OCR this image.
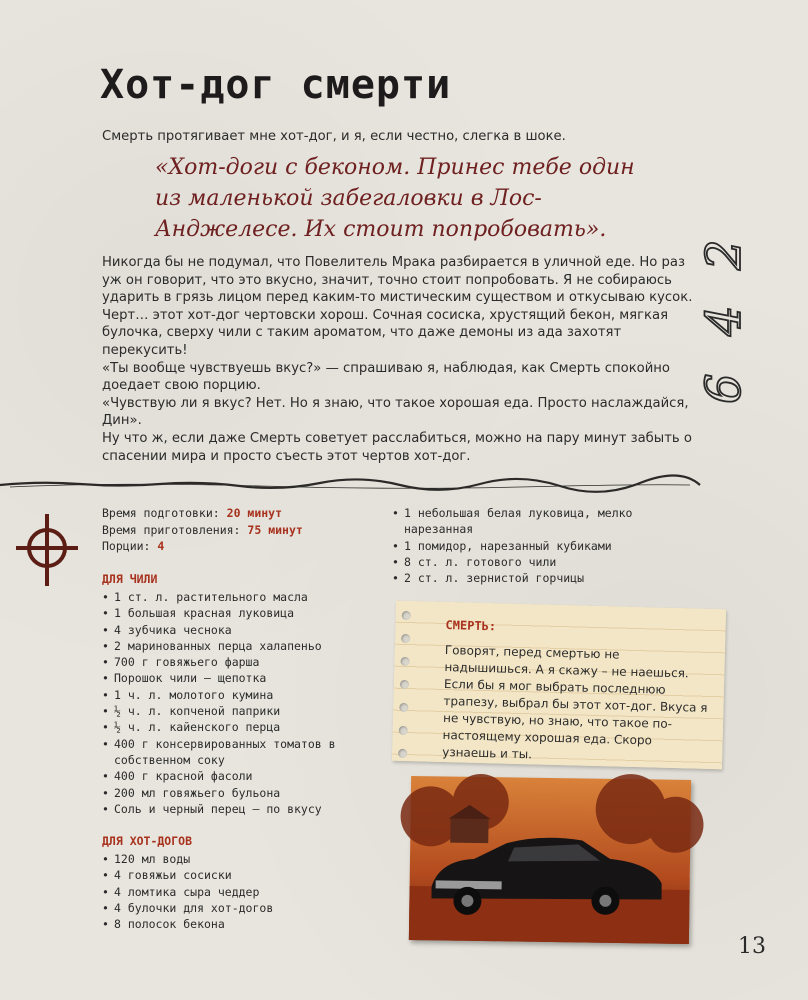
Хот-дог смерти

Смерть протягивает мне хот-дог, и я, если честно, слегка в шоке.

«Хот-доги с беконом. Принес тебе один из маленькой забегаловки в Лос-Анджелесе. Их стоит попробовать».

Никогда бы не подумал, что Повелитель Мрака разбирается в уличной еде. Но раз уж он говорит, что это вкусно, значит, точно стоит попробовать. Я не собираюсь ударить в грязь лицом перед каким-то мистическим существом и откусываю кусок. Черт… этот хот-дог чертовски хорош. Сочная сосиска, хрустящий бекон, мягкая булочка, сверху чили с таким ароматом, что даже демоны из ада захотят перекусить!

«Ты вообще чувствуешь вкус?» — спрашиваю я, наблюдая, как Смерть спокойно доедает свою порцию.

«Чувствую ли я вкус? Нет. Но я знаю, что такое хорошая еда. Просто наслаждайся, Дин».

Ну что ж, если даже Смерть советует расслабиться, можно на пару минут забыть о спасении мира и просто съесть этот чертов хот-дог.

2
4
6
Время подготовки: 20 минут
Время приготовления: 75 минут
Порции: 4
ДЛЯ ЧИЛИ
• 1 ст. л. растительного масла
• 1 большая красная луковица
• 4 зубчика чеснока
• 2 маринованных перца халапеньо
• 700 г говяжьего фарша
• Порошок чили — щепотка
• 1 ч. л. молотого кумина
• ½ ч. л. копченой паприки
• ½ ч. л. кайенского перца
• 400 г консервированных томатов в собственном соку
• 400 г красной фасоли
• 200 мл говяжьего бульона
• Соль и черный перец — по вкусу
ДЛЯ ХОТ-ДОГОВ
• 120 мл воды
• 4 говяжьи сосиски
• 4 ломтика сыра чеддер
• 4 булочки для хот-догов
• 8 полосок бекона
• 1 небольшая белая луковица, мелко нарезанная
• 1 помидор, нарезанный кубиками
• 8 ст. л. готового чили
• 2 ст. л. зернистой горчицы
СМЕРТЬ:

Говорят, перед смертью не надышишься. А я скажу – не наешься. Если бы я мог выбрать последнюю трапезу, выбрал бы этот хот-дог. Вкуса я не чувствую, но знаю, что такое по-настоящему хорошая еда. Скоро узнаешь и ты.

13
